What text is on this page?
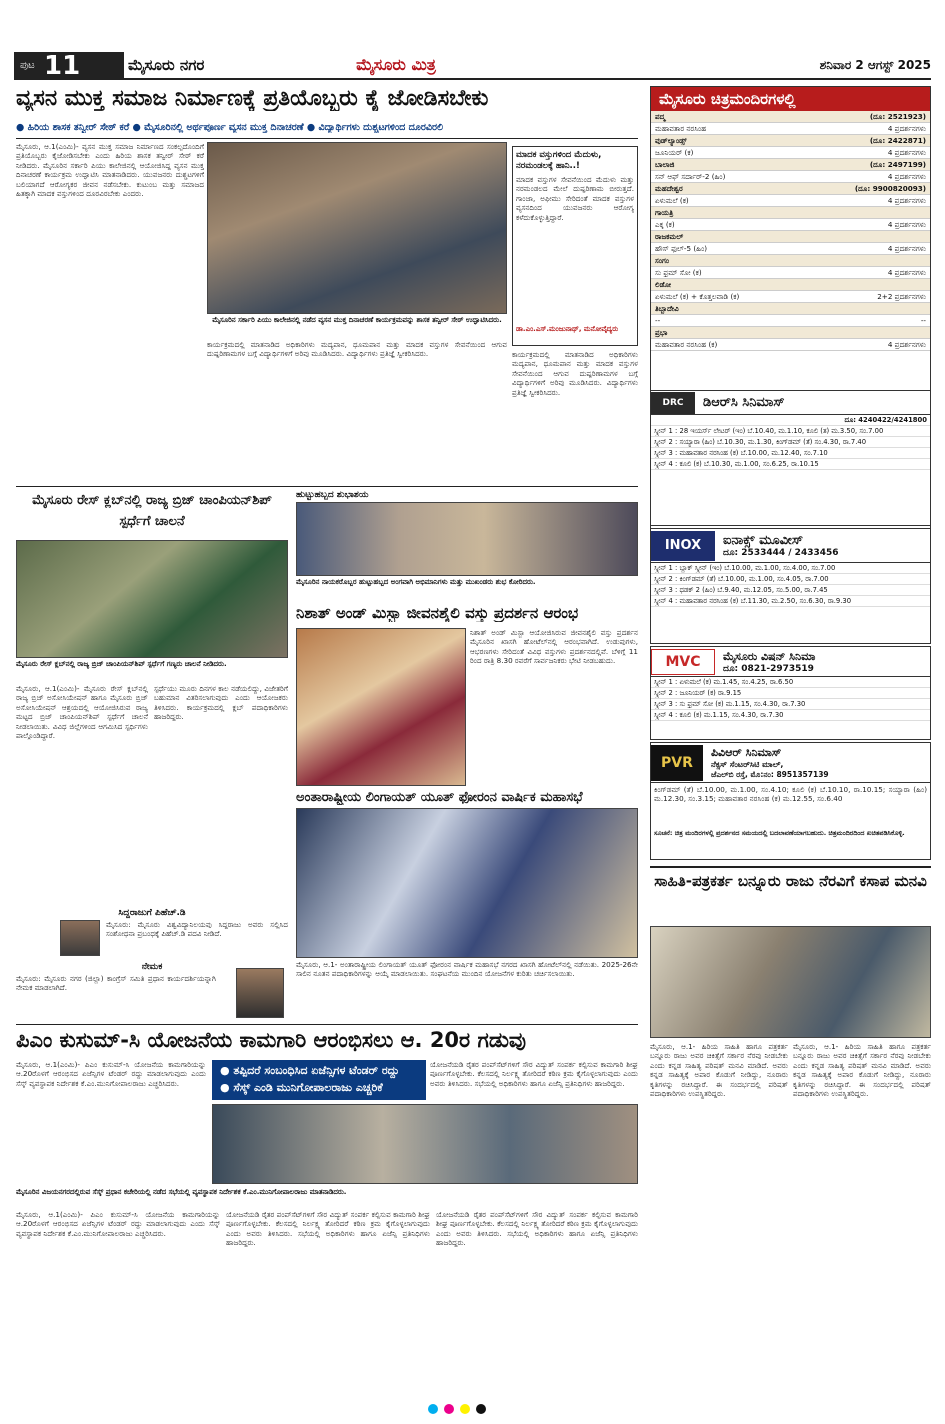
ಪುಟ 11	ಮೈಸೂರು ನಗರ	ಮೈಸೂರು ಮಿತ್ರ	ಶನಿವಾರ 2 ಆಗಸ್ಟ್ 2025
ವ್ಯಸನ ಮುಕ್ತ ಸಮಾಜ ನಿರ್ಮಾಣಕ್ಕೆ ಪ್ರತಿಯೊಬ್ಬರು ಕೈ ಜೋಡಿಸಬೇಕು
● ಹಿರಿಯ ಶಾಸಕ ತನ್ವೀರ್ ಸೇಠ್ ಕರೆ ● ಮೈಸೂರಿನಲ್ಲಿ ಅರ್ಥಪೂರ್ಣ ವ್ಯಸನ ಮುಕ್ತ ದಿನಾಚರಣೆ ● ವಿದ್ಯಾರ್ಥಿಗಳು ದುಶ್ಚಟಗಳಿಂದ ದೂರವಿರಲಿ
ಮೈಸೂರು, ಆ.1(ಎಂಮಿ)- ವ್ಯಸನ ಮುಕ್ತ ಸಮಾಜ ನಿರ್ಮಾಣದ ಸಂಕಲ್ಪದೊಂದಿಗೆ ಪ್ರತಿಯೊಬ್ಬರು ಕೈಜೋಡಿಸಬೇಕು ಎಂದು ಹಿರಿಯ ಶಾಸಕ ತನ್ವೀರ್ ಸೇಠ್ ಕರೆ ನೀಡಿದರು. ಮೈಸೂರಿನ ಸರ್ಕಾರಿ ಪಿಯು ಕಾಲೇಜಿನಲ್ಲಿ ಆಯೋಜಿಸಿದ್ದ ವ್ಯಸನ ಮುಕ್ತ ದಿನಾಚರಣೆ ಕಾರ್ಯಕ್ರಮ ಉದ್ಘಾಟಿಸಿ ಮಾತನಾಡಿದರು. ಯುವಜನರು ದುಶ್ಚಟಗಳಿಗೆ ಬಲಿಯಾಗದೆ ಆರೋಗ್ಯಕರ ಜೀವನ ನಡೆಸಬೇಕು. ಕುಟುಂಬ ಮತ್ತು ಸಮಾಜದ ಹಿತಕ್ಕಾಗಿ ಮಾದಕ ವಸ್ತುಗಳಿಂದ ದೂರವಿರಬೇಕು ಎಂದರು.
ಮೈಸೂರಿನ ಸರ್ಕಾರಿ ಪಿಯು ಕಾಲೇಜಿನಲ್ಲಿ ನಡೆದ ವ್ಯಸನ ಮುಕ್ತ ದಿನಾಚರಣೆ ಕಾರ್ಯಕ್ರಮವನ್ನು ಶಾಸಕ ತನ್ವೀರ್ ಸೇಠ್ ಉದ್ಘಾಟಿಸಿದರು.
ಕಾರ್ಯಕ್ರಮದಲ್ಲಿ ಮಾತನಾಡಿದ ಅಧಿಕಾರಿಗಳು ಮದ್ಯಪಾನ, ಧೂಮಪಾನ ಮತ್ತು ಮಾದಕ ವಸ್ತುಗಳ ಸೇವನೆಯಿಂದ ಆಗುವ ದುಷ್ಪರಿಣಾಮಗಳ ಬಗ್ಗೆ ವಿದ್ಯಾರ್ಥಿಗಳಿಗೆ ಅರಿವು ಮೂಡಿಸಿದರು. ವಿದ್ಯಾರ್ಥಿಗಳು ಪ್ರತಿಜ್ಞೆ ಸ್ವೀಕರಿಸಿದರು.
ಮಾದಕ ವಸ್ತುಗಳಿಂದ ಮೆದುಳು, ನರಮಂಡಲಕ್ಕೆ ಹಾನಿ..!
ಮಾದಕ ವಸ್ತುಗಳ ಸೇವನೆಯಿಂದ ಮೆದುಳು ಮತ್ತು ನರಮಂಡಲದ ಮೇಲೆ ದುಷ್ಪರಿಣಾಮ ಬೀರುತ್ತದೆ. ಗಾಂಜಾ, ಅಫೀಮು ಸೇರಿದಂತೆ ಮಾದಕ ವಸ್ತುಗಳ ವ್ಯಸನದಿಂದ ಯುವಜನರು ಆರೋಗ್ಯ ಕಳೆದುಕೊಳ್ಳುತ್ತಿದ್ದಾರೆ.
ಡಾ.ಎಂ.ಎಸ್.ಮಂಜುನಾಥ್, ಮನೋವೈದ್ಯರು
ಕಾರ್ಯಕ್ರಮದಲ್ಲಿ ಮಾತನಾಡಿದ ಅಧಿಕಾರಿಗಳು ಮದ್ಯಪಾನ, ಧೂಮಪಾನ ಮತ್ತು ಮಾದಕ ವಸ್ತುಗಳ ಸೇವನೆಯಿಂದ ಆಗುವ ದುಷ್ಪರಿಣಾಮಗಳ ಬಗ್ಗೆ ವಿದ್ಯಾರ್ಥಿಗಳಿಗೆ ಅರಿವು ಮೂಡಿಸಿದರು. ವಿದ್ಯಾರ್ಥಿಗಳು ಪ್ರತಿಜ್ಞೆ ಸ್ವೀಕರಿಸಿದರು.
ಮೈಸೂರು ರೇಸ್ ಕ್ಲಬ್‌ನಲ್ಲಿ ರಾಜ್ಯ ಬ್ರಿಜ್ ಚಾಂಪಿಯನ್‌ಶಿಪ್ ಸ್ಪರ್ಧೆಗೆ ಚಾಲನೆ
ಮೈಸೂರು ರೇಸ್ ಕ್ಲಬ್‌ನಲ್ಲಿ ರಾಜ್ಯ ಬ್ರಿಜ್ ಚಾಂಪಿಯನ್‌ಶಿಪ್ ಸ್ಪರ್ಧೆಗೆ ಗಣ್ಯರು ಚಾಲನೆ ನೀಡಿದರು.
ಮೈಸೂರು, ಆ.1(ಎಂಮಿ)- ಮೈಸೂರು ರೇಸ್ ಕ್ಲಬ್‌ನಲ್ಲಿ ರಾಜ್ಯ ಬ್ರಿಜ್ ಅಸೋಸಿಯೇಷನ್ ಹಾಗೂ ಮೈಸೂರು ಬ್ರಿಜ್ ಅಸೋಸಿಯೇಷನ್ ಆಶ್ರಯದಲ್ಲಿ ಆಯೋಜಿಸಿರುವ ರಾಜ್ಯ ಮಟ್ಟದ ಬ್ರಿಜ್ ಚಾಂಪಿಯನ್‌ಶಿಪ್ ಸ್ಪರ್ಧೆಗೆ ಚಾಲನೆ ನೀಡಲಾಯಿತು. ವಿವಿಧ ಜಿಲ್ಲೆಗಳಿಂದ ಆಗಮಿಸಿದ ಸ್ಪರ್ಧಿಗಳು ಪಾಲ್ಗೊಂಡಿದ್ದಾರೆ.
ಸ್ಪರ್ಧೆಯು ಮೂರು ದಿನಗಳ ಕಾಲ ನಡೆಯಲಿದ್ದು, ವಿಜೇತರಿಗೆ ಬಹುಮಾನ ವಿತರಿಸಲಾಗುವುದು ಎಂದು ಆಯೋಜಕರು ತಿಳಿಸಿದರು. ಕಾರ್ಯಕ್ರಮದಲ್ಲಿ ಕ್ಲಬ್ ಪದಾಧಿಕಾರಿಗಳು ಹಾಜರಿದ್ದರು.
ಸಿದ್ದರಾಜುಗೆ ಪಿಹೆಚ್.ಡಿ
ಮೈಸೂರು: ಮೈಸೂರು ವಿಶ್ವವಿದ್ಯಾನಿಲಯವು ಸಿದ್ದರಾಜು ಅವರು ಸಲ್ಲಿಸಿದ ಸಂಶೋಧನಾ ಪ್ರಬಂಧಕ್ಕೆ ಪಿಹೆಚ್.ಡಿ ಪದವಿ ನೀಡಿದೆ.
ನೇಮಕ
ಮೈಸೂರು: ಮೈಸೂರು ನಗರ (ಜಿಲ್ಲಾ) ಕಾಂಗ್ರೆಸ್ ಸಮಿತಿ ಪ್ರಧಾನ ಕಾರ್ಯದರ್ಶಿಯನ್ನಾಗಿ ನೇಮಕ ಮಾಡಲಾಗಿದೆ.
ಹುಟ್ಟುಹಬ್ಬದ ಶುಭಾಶಯ
ಮೈಸೂರಿನ ನಾಯಕರೊಬ್ಬರ ಹುಟ್ಟುಹಬ್ಬದ ಅಂಗವಾಗಿ ಅಭಿಮಾನಿಗಳು ಮತ್ತು ಮುಖಂಡರು ಶುಭ ಕೋರಿದರು.
ನಿಶಾತ್ ಅಂಡ್ ಮಿಸ್ಬಾ ಜೀವನಶೈಲಿ ವಸ್ತು ಪ್ರದರ್ಶನ ಆರಂಭ
ನಿಶಾತ್ ಅಂಡ್ ಮಿಸ್ಬಾ ಆಯೋಜಿಸಿರುವ ಜೀವನಶೈಲಿ ವಸ್ತು ಪ್ರದರ್ಶನ ಮೈಸೂರಿನ ಖಾಸಗಿ ಹೋಟೆಲ್‌ನಲ್ಲಿ ಆರಂಭವಾಗಿದೆ. ಉಡುಪುಗಳು, ಆಭರಣಗಳು ಸೇರಿದಂತೆ ವಿವಿಧ ವಸ್ತುಗಳು ಪ್ರದರ್ಶನದಲ್ಲಿವೆ. ಬೆಳಿಗ್ಗೆ 11 ರಿಂದ ರಾತ್ರಿ 8.30 ರವರೆಗೆ ಸಾರ್ವಜನಿಕರು ಭೇಟಿ ನೀಡಬಹುದು.
ಅಂತಾರಾಷ್ಟ್ರೀಯ ಲಿಂಗಾಯತ್ ಯೂತ್ ಫೋರಂನ ವಾರ್ಷಿಕ ಮಹಾಸಭೆ
ಮೈಸೂರು, ಆ.1- ಅಂತಾರಾಷ್ಟ್ರೀಯ ಲಿಂಗಾಯತ್ ಯೂತ್ ಫೋರಂನ ವಾರ್ಷಿಕ ಮಹಾಸಭೆ ನಗರದ ಖಾಸಗಿ ಹೋಟೆಲ್‌ನಲ್ಲಿ ನಡೆಯಿತು. 2025-26ನೇ ಸಾಲಿನ ನೂತನ ಪದಾಧಿಕಾರಿಗಳನ್ನು ಆಯ್ಕೆ ಮಾಡಲಾಯಿತು. ಸಂಘಟನೆಯ ಮುಂದಿನ ಯೋಜನೆಗಳ ಕುರಿತು ಚರ್ಚಿಸಲಾಯಿತು.
ಪಿಎಂ ಕುಸುಮ್-ಸಿ ಯೋಜನೆಯ ಕಾಮಗಾರಿ ಆರಂಭಿಸಲು ಆ. 20ರ ಗಡುವು
ಮೈಸೂರು, ಆ.1(ಎಂಮಿ)- ಪಿಎಂ ಕುಸುಮ್-ಸಿ ಯೋಜನೆಯ ಕಾಮಗಾರಿಯನ್ನು ಆ.20ರೊಳಗೆ ಆರಂಭಿಸದ ಏಜೆನ್ಸಿಗಳ ಟೆಂಡರ್ ರದ್ದು ಮಾಡಲಾಗುವುದು ಎಂದು ಸೆಸ್ಕ್ ವ್ಯವಸ್ಥಾಪಕ ನಿರ್ದೇಶಕ ಕೆ.ಎಂ.ಮುನಿಗೋಪಾಲರಾಜು ಎಚ್ಚರಿಸಿದರು.
● ತಪ್ಪಿದರೆ ಸಂಬಂಧಿಸಿದ ಏಜೆನ್ಸಿಗಳ ಟೆಂಡರ್ ರದ್ದು
● ಸೆಸ್ಕ್ ಎಂಡಿ ಮುನಿಗೋಪಾಲರಾಜು ಎಚ್ಚರಿಕೆ
ಯೋಜನೆಯಡಿ ರೈತರ ಪಂಪ್‌ಸೆಟ್‌ಗಳಿಗೆ ಸೌರ ವಿದ್ಯುತ್ ಸಂಪರ್ಕ ಕಲ್ಪಿಸುವ ಕಾಮಗಾರಿ ಶೀಘ್ರ ಪೂರ್ಣಗೊಳ್ಳಬೇಕು. ಕೆಲಸದಲ್ಲಿ ನಿರ್ಲಕ್ಷ್ಯ ತೋರಿದರೆ ಕಠಿಣ ಕ್ರಮ ಕೈಗೊಳ್ಳಲಾಗುವುದು ಎಂದು ಅವರು ತಿಳಿಸಿದರು. ಸಭೆಯಲ್ಲಿ ಅಧಿಕಾರಿಗಳು ಹಾಗೂ ಏಜೆನ್ಸಿ ಪ್ರತಿನಿಧಿಗಳು ಹಾಜರಿದ್ದರು.
ಮೈಸೂರಿನ ವಿಜಯನಗರದಲ್ಲಿರುವ ಸೆಸ್ಕ್ ಪ್ರಧಾನ ಕಚೇರಿಯಲ್ಲಿ ನಡೆದ ಸಭೆಯಲ್ಲಿ ವ್ಯವಸ್ಥಾಪಕ ನಿರ್ದೇಶಕ ಕೆ.ಎಂ.ಮುನಿಗೋಪಾಲರಾಜು ಮಾತನಾಡಿದರು.
ಮೈಸೂರು, ಆ.1(ಎಂಮಿ)- ಪಿಎಂ ಕುಸುಮ್-ಸಿ ಯೋಜನೆಯ ಕಾಮಗಾರಿಯನ್ನು ಆ.20ರೊಳಗೆ ಆರಂಭಿಸದ ಏಜೆನ್ಸಿಗಳ ಟೆಂಡರ್ ರದ್ದು ಮಾಡಲಾಗುವುದು ಎಂದು ಸೆಸ್ಕ್ ವ್ಯವಸ್ಥಾಪಕ ನಿರ್ದೇಶಕ ಕೆ.ಎಂ.ಮುನಿಗೋಪಾಲರಾಜು ಎಚ್ಚರಿಸಿದರು.
ಯೋಜನೆಯಡಿ ರೈತರ ಪಂಪ್‌ಸೆಟ್‌ಗಳಿಗೆ ಸೌರ ವಿದ್ಯುತ್ ಸಂಪರ್ಕ ಕಲ್ಪಿಸುವ ಕಾಮಗಾರಿ ಶೀಘ್ರ ಪೂರ್ಣಗೊಳ್ಳಬೇಕು. ಕೆಲಸದಲ್ಲಿ ನಿರ್ಲಕ್ಷ್ಯ ತೋರಿದರೆ ಕಠಿಣ ಕ್ರಮ ಕೈಗೊಳ್ಳಲಾಗುವುದು ಎಂದು ಅವರು ತಿಳಿಸಿದರು. ಸಭೆಯಲ್ಲಿ ಅಧಿಕಾರಿಗಳು ಹಾಗೂ ಏಜೆನ್ಸಿ ಪ್ರತಿನಿಧಿಗಳು ಹಾಜರಿದ್ದರು.
ಯೋಜನೆಯಡಿ ರೈತರ ಪಂಪ್‌ಸೆಟ್‌ಗಳಿಗೆ ಸೌರ ವಿದ್ಯುತ್ ಸಂಪರ್ಕ ಕಲ್ಪಿಸುವ ಕಾಮಗಾರಿ ಶೀಘ್ರ ಪೂರ್ಣಗೊಳ್ಳಬೇಕು. ಕೆಲಸದಲ್ಲಿ ನಿರ್ಲಕ್ಷ್ಯ ತೋರಿದರೆ ಕಠಿಣ ಕ್ರಮ ಕೈಗೊಳ್ಳಲಾಗುವುದು ಎಂದು ಅವರು ತಿಳಿಸಿದರು. ಸಭೆಯಲ್ಲಿ ಅಧಿಕಾರಿಗಳು ಹಾಗೂ ಏಜೆನ್ಸಿ ಪ್ರತಿನಿಧಿಗಳು ಹಾಜರಿದ್ದರು.
ಮೈಸೂರು ಚಿತ್ರಮಂದಿರಗಳಲ್ಲಿ
ಪದ್ಮ	(ದೂ: 2521923)
ಮಹಾವತಾರ ನರಸಿಂಹ	4 ಪ್ರದರ್ಶನಗಳು
ವುಡ್‌ಲ್ಯಾಂಡ್ಸ್	(ದೂ: 2422871)
ಜೂನಿಯರ್ (ಕ)	4 ಪ್ರದರ್ಶನಗಳು
ಬಾಲಾಜಿ	(ದೂ: 2497199)
ಸನ್ ಆಫ್ ಸರ್ದಾರ್-2 (ಹಿಂ)	4 ಪ್ರದರ್ಶನಗಳು
ಮಹದೇಶ್ವರ	(ದೂ: 9900820093)
ಏಳುಮಲೆ (ಕ)	4 ಪ್ರದರ್ಶನಗಳು
ಗಾಯತ್ರಿ
ಎಕ್ಕ (ಕ)	4 ಪ್ರದರ್ಶನಗಳು
ರಾಜಕಮಲ್
ಹೌಸ್ ಫುಲ್-5 (ಹಿಂ)	4 ಪ್ರದರ್ಶನಗಳು
ಸಂಗಂ
ಸು ಫ್ರಮ್ ಸೋ (ಕ)	4 ಪ್ರದರ್ಶನಗಳು
ಲಿಡೋ
ಏಳುಮಲೆ (ಕ) + ಕೊತ್ತಲವಾಡಿ (ಕ)	2+2 ಪ್ರದರ್ಶನಗಳು
ತಿಬ್ಬಾದೇವಿ
--	--
ಪ್ರಭಾ
ಮಹಾವತಾರ ನರಸಿಂಹ (ಕ)	4 ಪ್ರದರ್ಶನಗಳು
DRC	ಡಿಆರ್‌ಸಿ ಸಿನಿಮಾಸ್
ದೂ: 4240422/4241800
ಸ್ಕ್ರೀನ್ 1 : 28 ಇಯರ್ಸ್ ಲೇಟರ್ (ಇಂ) ಬೆ.10.40, ಮ.1.10, ಕೂಲಿ (ತ) ಮ.3.50, ಸಂ.7.00
ಸ್ಕ್ರೀನ್ 2 : ಸಯ್ಯಾರಾ (ಹಿಂ) ಬೆ.10.30, ಮ.1.30, ಕಿಂಗ್‌ಡಮ್ (ತೆ) ಸಂ.4.30, ರಾ.7.40
ಸ್ಕ್ರೀನ್ 3 : ಮಹಾವತಾರ ನರಸಿಂಹ (ಕ) ಬೆ.10.00, ಮ.12.40, ಸಂ.7.10
ಸ್ಕ್ರೀನ್ 4 : ಕೂಲಿ (ಕ) ಬೆ.10.30, ಮ.1.00, ಸಂ.6.25, ರಾ.10.15
INOX	ಐನಾಕ್ಸ್ ಮೂವೀಸ್
ದೂ: 2533444 / 2433456
ಸ್ಕ್ರೀನ್ 1 : ಬ್ಲಾಕ್ ಸ್ಕ್ರೀನ್ (ಇಂ) ಬೆ.10.00, ಮ.1.00, ಸಂ.4.00, ಸಂ.7.00
ಸ್ಕ್ರೀನ್ 2 : ಕಿಂಗ್‌ಡಮ್ (ತೆ) ಬೆ.10.00, ಮ.1.00, ಸಂ.4.05, ರಾ.7.00
ಸ್ಕ್ರೀನ್ 3 : ಧಡಕ್ 2 (ಹಿಂ) ಬೆ.9.40, ಮ.12.05, ಸಂ.5.00, ರಾ.7.45
ಸ್ಕ್ರೀನ್ 4 : ಮಹಾವತಾರ ನರಸಿಂಹ (ಕ) ಬೆ.11.30, ಮ.2.50, ಸಂ.6.30, ರಾ.9.30
MVC	ಮೈಸೂರು ವಿಷನ್ ಸಿನಿಮಾ
ದೂ: 0821-2973519
ಸ್ಕ್ರೀನ್ 1 : ಏಳುಮಲೆ (ಕ) ಮ.1.45, ಸಂ.4.25, ರಾ.6.50
ಸ್ಕ್ರೀನ್ 2 : ಜೂನಿಯರ್ (ಕ) ರಾ.9.15
ಸ್ಕ್ರೀನ್ 3 : ಸು ಫ್ರಮ್ ಸೋ (ಕ) ಮ.1.15, ಸಂ.4.30, ರಾ.7.30
ಸ್ಕ್ರೀನ್ 4 : ಕೂಲಿ (ಕ) ಮ.1.15, ಸಂ.4.30, ರಾ.7.30
PVR
ಪಿವಿಆರ್ ಸಿನಿಮಾಸ್
ನೆಕ್ಸಸ್ ಸೆಂಟರ್‌ಸಿಟಿ ಮಾಲ್,
ಜೆಎಲ್‌ಬಿ ರಸ್ತೆ, ಮೊ:ನಂ: 8951357139
ಕಿಂಗ್‌ಡಮ್ (ತೆ) ಬೆ.10.00, ಮ.1.00, ಸಂ.4.10; ಕೂಲಿ (ಕ) ಬೆ.10.10, ರಾ.10.15; ಸಯ್ಯಾರಾ (ಹಿಂ) ಮ.12.30, ಸಂ.3.15; ಮಹಾವತಾರ ನರಸಿಂಹ (ಕ) ಮ.12.55, ಸಂ.6.40
ಸೂಚನೆ: ಚಿತ್ರ ಮಂದಿರಗಳಲ್ಲಿ ಪ್ರದರ್ಶನದ ಸಮಯದಲ್ಲಿ ಬದಲಾವಣೆಯಾಗಬಹುದು. ಚಿತ್ರಮಂದಿರದಿಂದ ಖಚಿತಪಡಿಸಿಕೊಳ್ಳಿ.
ಸಾಹಿತಿ-ಪತ್ರಕರ್ತ ಬನ್ನೂರು ರಾಜು ನೆರವಿಗೆ ಕಸಾಪ ಮನವಿ
ಮೈಸೂರು, ಆ.1- ಹಿರಿಯ ಸಾಹಿತಿ ಹಾಗೂ ಪತ್ರಕರ್ತ ಬನ್ನೂರು ರಾಜು ಅವರ ಚಿಕಿತ್ಸೆಗೆ ಸರ್ಕಾರ ನೆರವು ನೀಡಬೇಕು ಎಂದು ಕನ್ನಡ ಸಾಹಿತ್ಯ ಪರಿಷತ್ ಮನವಿ ಮಾಡಿದೆ. ಅವರು ಕನ್ನಡ ಸಾಹಿತ್ಯಕ್ಕೆ ಅಪಾರ ಕೊಡುಗೆ ನೀಡಿದ್ದು, ನೂರಾರು ಕೃತಿಗಳನ್ನು ರಚಿಸಿದ್ದಾರೆ. ಈ ಸಂದರ್ಭದಲ್ಲಿ ಪರಿಷತ್ ಪದಾಧಿಕಾರಿಗಳು ಉಪಸ್ಥಿತರಿದ್ದರು.
ಮೈಸೂರು, ಆ.1- ಹಿರಿಯ ಸಾಹಿತಿ ಹಾಗೂ ಪತ್ರಕರ್ತ ಬನ್ನೂರು ರಾಜು ಅವರ ಚಿಕಿತ್ಸೆಗೆ ಸರ್ಕಾರ ನೆರವು ನೀಡಬೇಕು ಎಂದು ಕನ್ನಡ ಸಾಹಿತ್ಯ ಪರಿಷತ್ ಮನವಿ ಮಾಡಿದೆ. ಅವರು ಕನ್ನಡ ಸಾಹಿತ್ಯಕ್ಕೆ ಅಪಾರ ಕೊಡುಗೆ ನೀಡಿದ್ದು, ನೂರಾರು ಕೃತಿಗಳನ್ನು ರಚಿಸಿದ್ದಾರೆ. ಈ ಸಂದರ್ಭದಲ್ಲಿ ಪರಿಷತ್ ಪದಾಧಿಕಾರಿಗಳು ಉಪಸ್ಥಿತರಿದ್ದರು.
